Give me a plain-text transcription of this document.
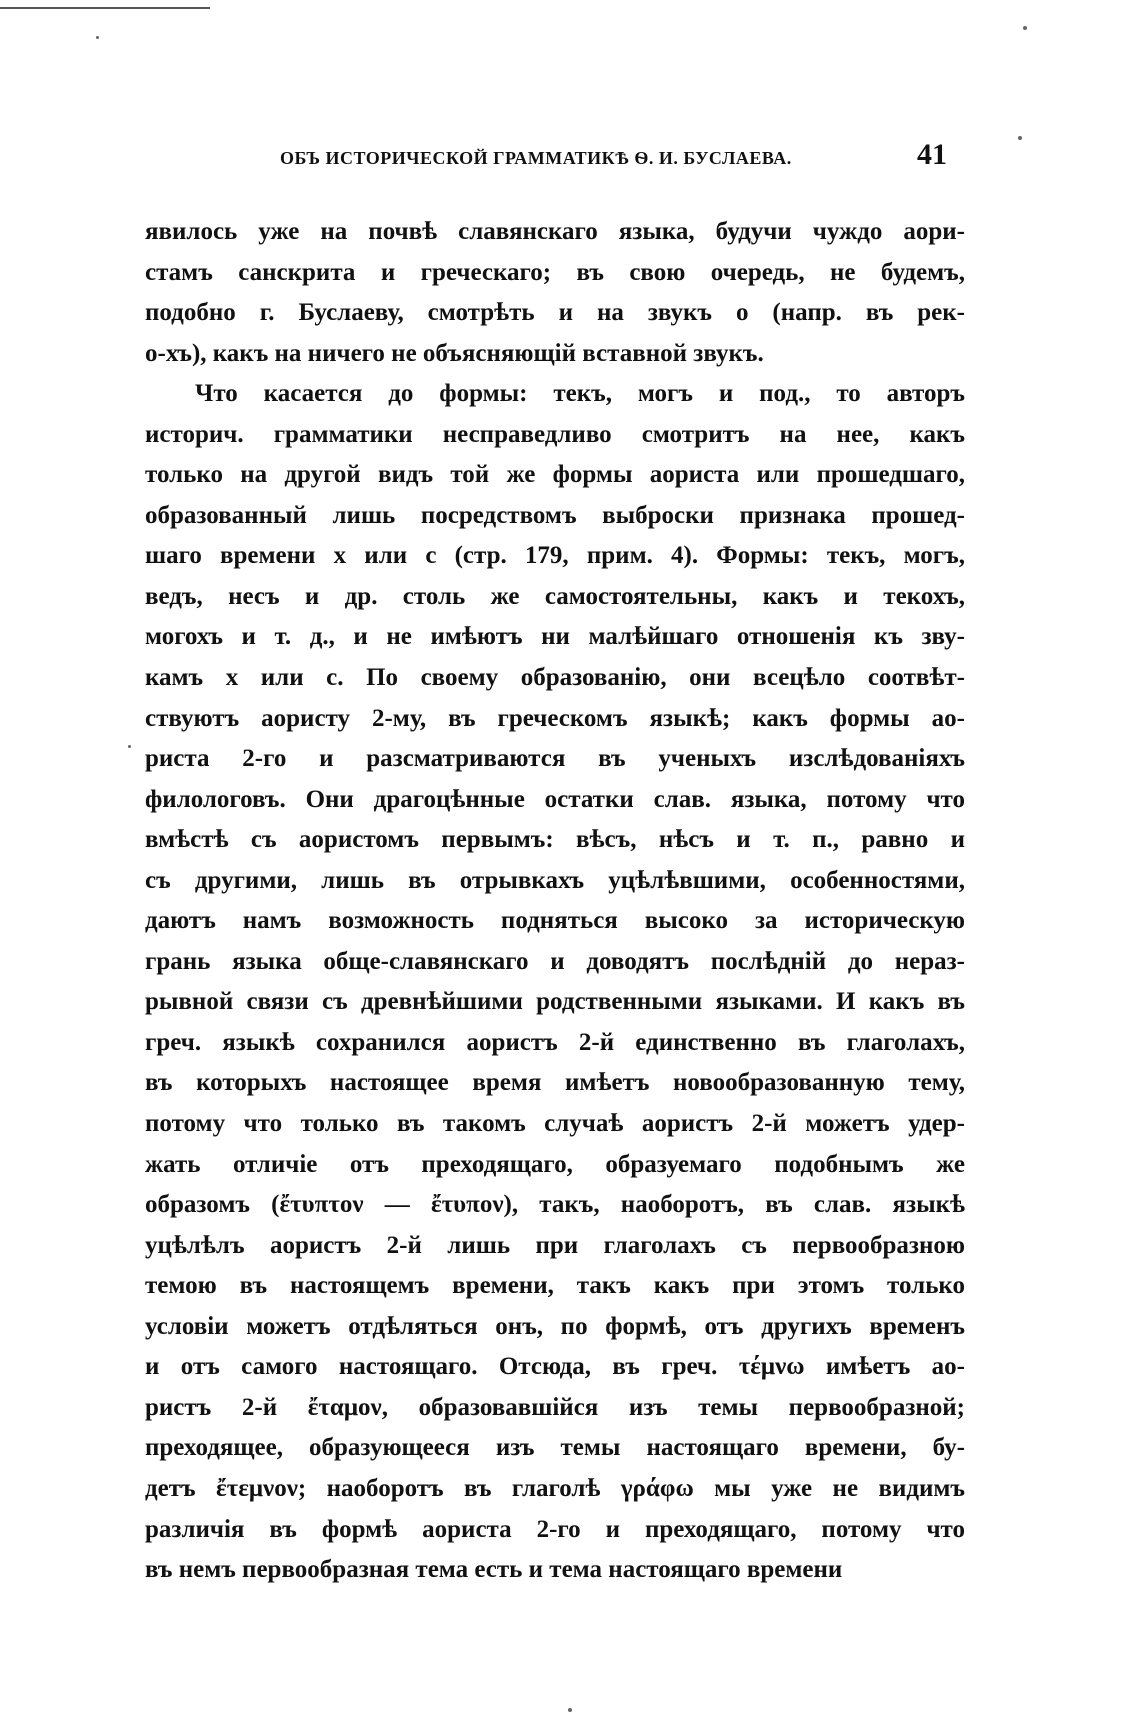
ОБЪ ИСТОРИЧЕСКОЙ ГРАММАТИКѢ Ѳ. И. БУСЛАЕВА.	41
явилось уже на почвѣ славянскаго языка, будучи чуждо aори-
стамъ санскрита и греческаго; въ свою очередь, не будемъ,
подобно г. Буслаеву, смотрѣть и на звукъ о (напр. въ рек-
о-хъ), какъ на ничего не объясняющій вставной звукъ.
Что касается до формы: текъ, могъ и под., то авторъ
историч. грамматики несправедливо смотритъ на нее, какъ
только на другой видъ той же формы аориста или прошедшаго,
образованный лишь посредствомъ выброски признака прошед-
шаго времени х или с (стр. 179, прим. 4). Формы: текъ, могъ,
ведъ, несъ и др. столь же самостоятельны, какъ и текохъ,
могохъ и т. д., и не имѣютъ ни малѣйшаго отношенія къ зву-
камъ х или с. По своему образованію, они всецѣло соотвѣт-
ствуютъ аористу 2-му, въ греческомъ языкѣ; какъ формы ао-
риста 2-го и разсматриваются въ ученыхъ изслѣдованіяхъ
филологовъ. Они драгоцѣнные остатки слав. языка, потому что
вмѣстѣ съ аористомъ первымъ: вѣсъ, нѣсъ и т. п., равно и
съ другими, лишь въ отрывкахъ уцѣлѣвшими, особенностями,
даютъ намъ возможность подняться высоко за историческую
грань языка обще-славянскаго и доводятъ послѣдній до нераз-
рывной связи съ древнѣйшими родственными языками. И какъ въ
греч. языкѣ сохранился аористъ 2-й единственно въ глаголахъ,
въ которыхъ настоящее время имѣетъ новообразованную тему,
потому что только въ такомъ случаѣ аористъ 2-й можетъ удер-
жать отличіе отъ преходящаго, образуемаго подобнымъ же
образомъ (ἔτυπτον — ἔτυπον), такъ, наоборотъ, въ слав. языкѣ
уцѣлѣлъ аористъ 2-й лишь при глаголахъ съ первообразною
темою въ настоящемъ времени, такъ какъ при этомъ только
условіи можетъ отдѣляться онъ, по формѣ, отъ другихъ временъ
и отъ самого настоящаго. Отсюда, въ греч. τέμνω имѣетъ ао-
ристъ 2-й ἔταμον, образовавшійся изъ темы первообразной;
преходящее, образующееся изъ темы настоящаго времени, бу-
детъ ἔτεμνον; наоборотъ въ глаголѣ γράφω мы уже не видимъ
различія въ формѣ аориста 2-го и преходящаго, потому что
въ немъ первообразная тема есть и тема настоящаго времени
